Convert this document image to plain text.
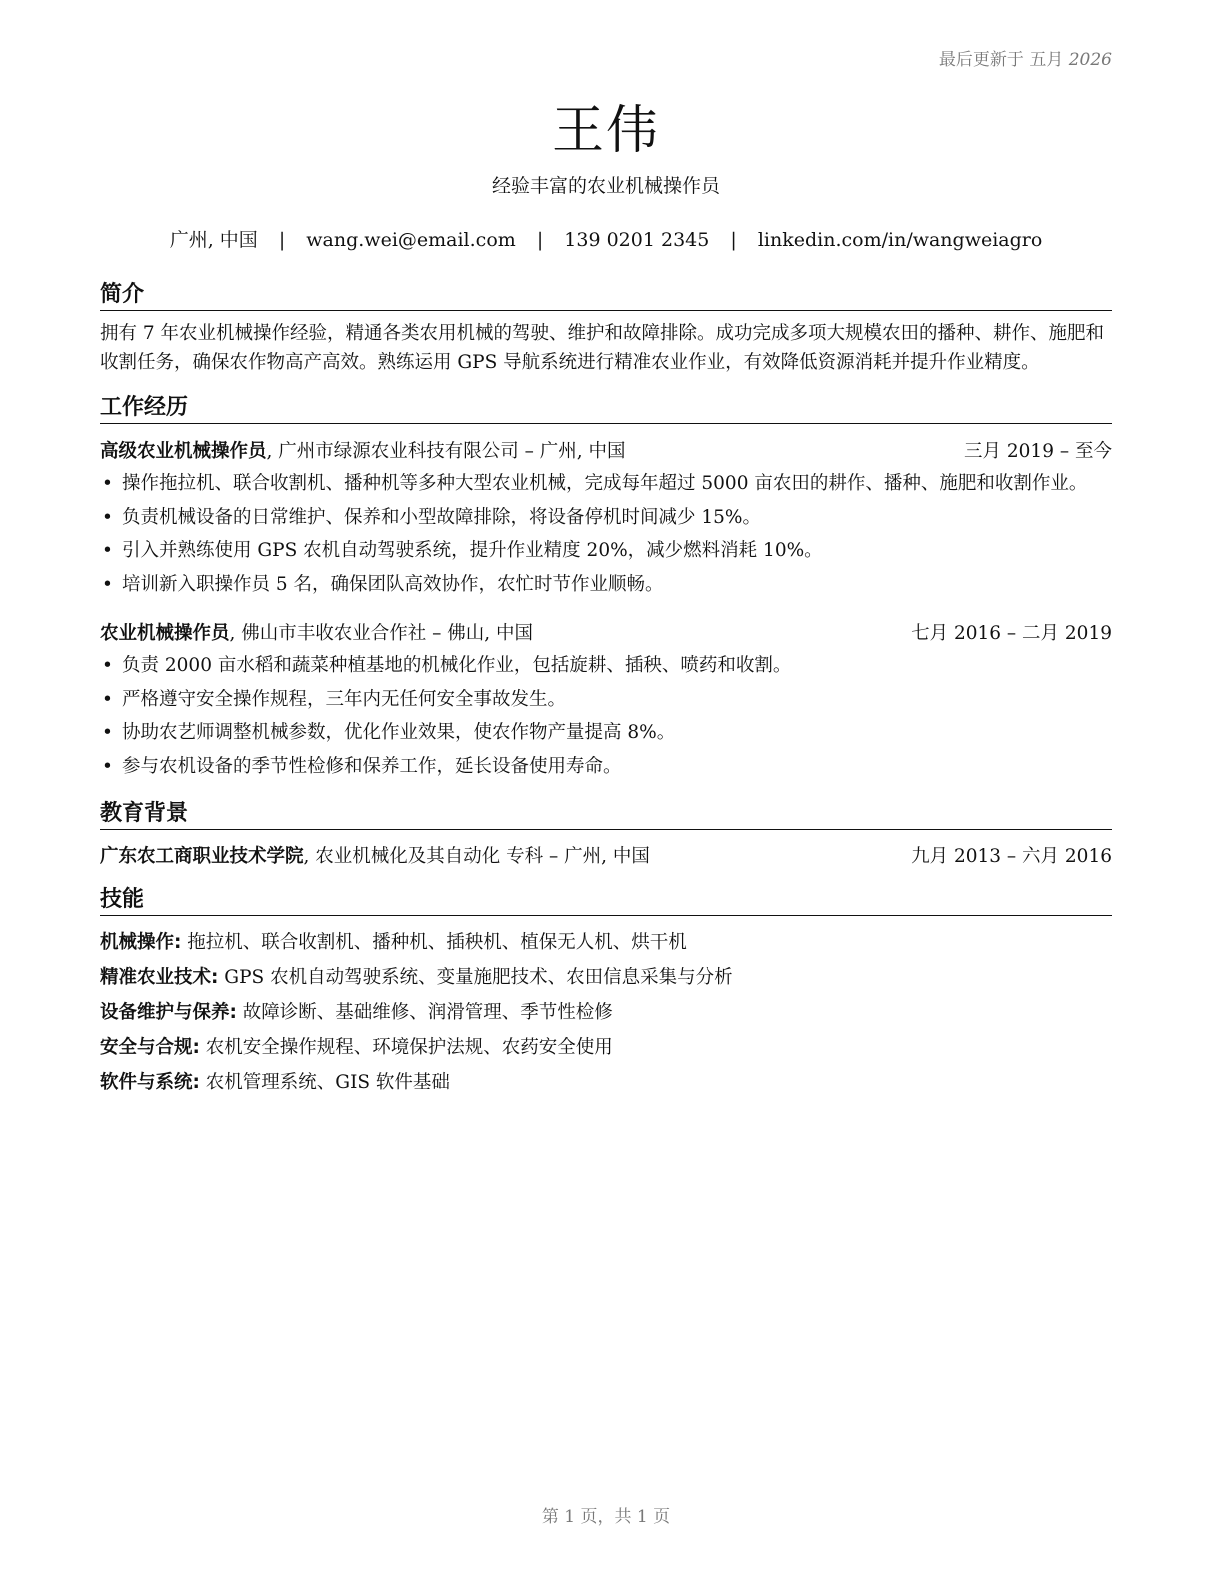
最后更新于 五月 2026
王伟
经验丰富的农业机械操作员
广州, 中国 | wang.wei@email.com | 139 0201 2345 | linkedin.com/in/wangweiagro
简介
拥有 7 年农业机械操作经验，精通各类农用机械的驾驶、维护和故障排除。成功完成多项大规模农田的播种、耕作、施肥和收割任务，确保农作物高产高效。熟练运用 GPS 导航系统进行精准农业作业，有效降低资源消耗并提升作业精度。
工作经历
高级农业机械操作员, 广州市绿源农业科技有限公司 – 广州, 中国	三月 2019 – 至今
• 操作拖拉机、联合收割机、播种机等多种大型农业机械，完成每年超过 5000 亩农田的耕作、播种、施肥和收割作业。
• 负责机械设备的日常维护、保养和小型故障排除，将设备停机时间减少 15%。
• 引入并熟练使用 GPS 农机自动驾驶系统，提升作业精度 20%，减少燃料消耗 10%。
• 培训新入职操作员 5 名，确保团队高效协作，农忙时节作业顺畅。
农业机械操作员, 佛山市丰收农业合作社 – 佛山, 中国	七月 2016 – 二月 2019
• 负责 2000 亩水稻和蔬菜种植基地的机械化作业，包括旋耕、插秧、喷药和收割。
• 严格遵守安全操作规程，三年内无任何安全事故发生。
• 协助农艺师调整机械参数，优化作业效果，使农作物产量提高 8%。
• 参与农机设备的季节性检修和保养工作，延长设备使用寿命。
教育背景
广东农工商职业技术学院, 农业机械化及其自动化 专科 – 广州, 中国	九月 2013 – 六月 2016
技能
机械操作: 拖拉机、联合收割机、播种机、插秧机、植保无人机、烘干机
精准农业技术: GPS 农机自动驾驶系统、变量施肥技术、农田信息采集与分析
设备维护与保养: 故障诊断、基础维修、润滑管理、季节性检修
安全与合规: 农机安全操作规程、环境保护法规、农药安全使用
软件与系统: 农机管理系统、GIS 软件基础
第 1 页，共 1 页
